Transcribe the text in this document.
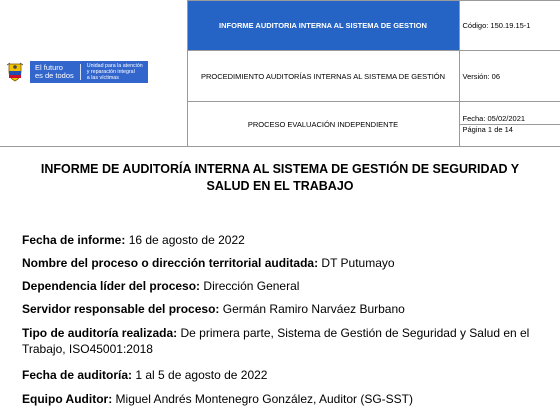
El futuro
es de todos
Unidad para la atención
y reparación integral
a las víctimas	INFORME AUDITORIA INTERNA AL SISTEMA DE GESTION	Código: 150.19.15-1
	PROCEDIMIENTO AUDITORÍAS INTERNAS AL SISTEMA DE GESTIÓN	Versión: 06
	PROCESO EVALUACIÓN INDEPENDIENTE	Fecha: 05/02/2021
Página 1 de 14
INFORME DE AUDITORÍA INTERNA AL SISTEMA DE GESTIÓN DE SEGURIDAD Y
SALUD EN EL TRABAJO
Fecha de informe: 16 de agosto de 2022
Nombre del proceso o dirección territorial auditada: DT Putumayo
Dependencia líder del proceso: Dirección General
Servidor responsable del proceso: Germán Ramiro Narváez Burbano
Tipo de auditoría realizada: De primera parte, Sistema de Gestión de Seguridad y Salud en el Trabajo, ISO45001:2018
Fecha de auditoría: 1 al 5 de agosto de 2022
Equipo Auditor: Miguel Andrés Montenegro González, Auditor (SG-SST)
